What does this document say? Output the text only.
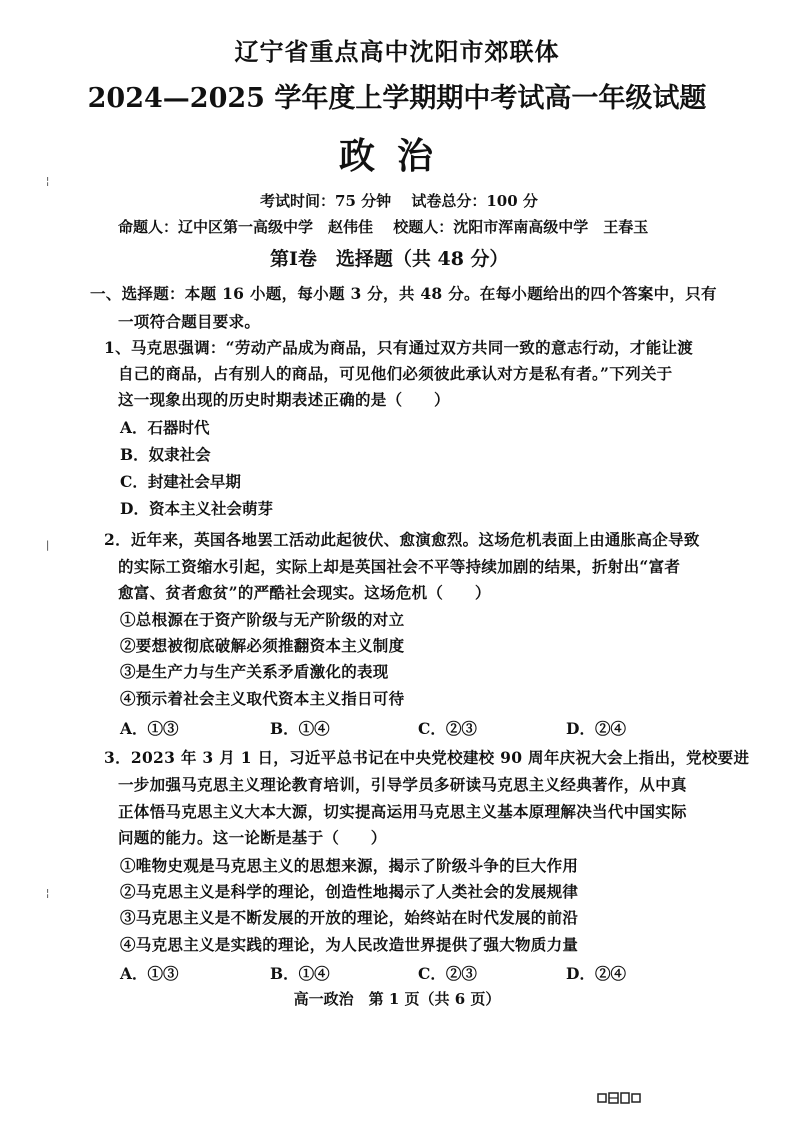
辽宁省重点高中沈阳市郊联体
2024—2025 学年度上学期期中考试高一年级试题
政治
考试时间：75 分钟　 试卷总分：100 分
命题人：辽中区第一高级中学　赵伟佳　 校题人：沈阳市浑南高级中学　王春玉
第Ⅰ卷　选择题（共 48 分）
一、选择题：本题 16 小题，每小题 3 分，共 48 分。在每小题给出的四个答案中，只有
一项符合题目要求。
1、马克思强调：“劳动产品成为商品，只有通过双方共同一致的意志行动，才能让渡
自己的商品，占有别人的商品，可见他们必须彼此承认对方是私有者。”下列关于
这一现象出现的历史时期表述正确的是（　　）
A．石器时代
B．奴隶社会
C．封建社会早期
D．资本主义社会萌芽
2．近年来，英国各地罢工活动此起彼伏、愈演愈烈。这场危机表面上由通胀高企导致
的实际工资缩水引起，实际上却是英国社会不平等持续加剧的结果，折射出“富者
愈富、贫者愈贫”的严酷社会现实。这场危机（　　）
①总根源在于资产阶级与无产阶级的对立
②要想被彻底破解必须推翻资本主义制度
③是生产力与生产关系矛盾激化的表现
④预示着社会主义取代资本主义指日可待
A．①③	B．①④	C．②③	D．②④
3．2023 年 3 月 1 日，习近平总书记在中央党校建校 90 周年庆祝大会上指出，党校要进
一步加强马克思主义理论教育培训，引导学员多研读马克思主义经典著作，从中真
正体悟马克思主义大本大源，切实提高运用马克思主义基本原理解决当代中国实际
问题的能力。这一论断是基于（　　）
①唯物史观是马克思主义的思想来源，揭示了阶级斗争的巨大作用
②马克思主义是科学的理论，创造性地揭示了人类社会的发展规律
③马克思主义是不断发展的开放的理论，始终站在时代发展的前沿
④马克思主义是实践的理论，为人民改造世界提供了强大物质力量
A．①③	B．①④	C．②③	D．②④
高一政治　第 1 页（共 6 页）
¦
|
¦
